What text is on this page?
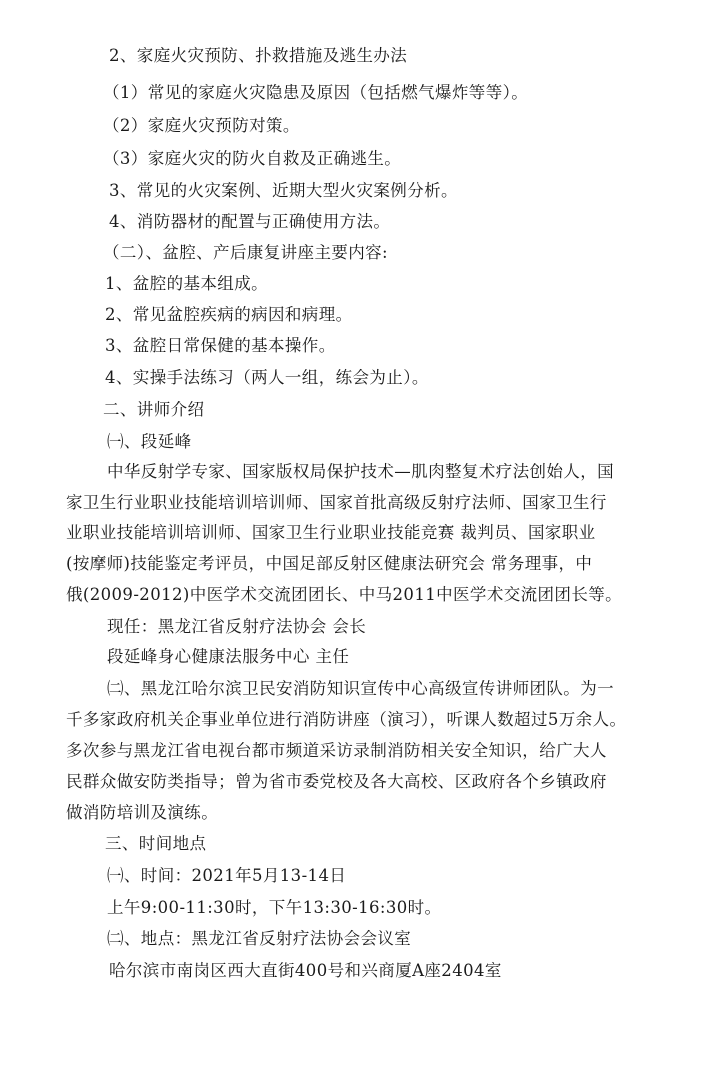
2、家庭火灾预防、扑救措施及逃生办法
（1）常见的家庭火灾隐患及原因（包括燃气爆炸等等）。
（2）家庭火灾预防对策。
（3）家庭火灾的防火自救及正确逃生。
3、常见的火灾案例、近期大型火灾案例分析。
4、消防器材的配置与正确使用方法。
（二）、盆腔、产后康复讲座主要内容:
1、盆腔的基本组成。
2、常见盆腔疾病的病因和病理。
3、盆腔日常保健的基本操作。
4、实操手法练习（两人一组，练会为止）。
二、讲师介绍
㈠、段延峰
中华反射学专家、国家版权局保护技术—肌肉整复术疗法创始人，国
家卫生行业职业技能培训培训师、国家首批高级反射疗法师、国家卫生行
业职业技能培训培训师、国家卫生行业职业技能竞赛 裁判员、国家职业
(按摩师)技能鉴定考评员，中国足部反射区健康法研究会 常务理事，中
俄(2009-2012)中医学术交流团团长、中马2011中医学术交流团团长等。
现任：黑龙江省反射疗法协会 会长
段延峰身心健康法服务中心 主任
㈡、黑龙江哈尔滨卫民安消防知识宣传中心高级宣传讲师团队。为一
千多家政府机关企事业单位进行消防讲座（演习），听课人数超过5万余人。
多次参与黑龙江省电视台都市频道采访录制消防相关安全知识，给广大人
民群众做安防类指导；曾为省市委党校及各大高校、区政府各个乡镇政府
做消防培训及演练。
三、时间地点
㈠、时间：2021年5月13-14日
上午9:00-11:30时，下午13:30-16:30时。
㈡、地点：黑龙江省反射疗法协会会议室
哈尔滨市南岗区西大直街400号和兴商厦A座2404室
